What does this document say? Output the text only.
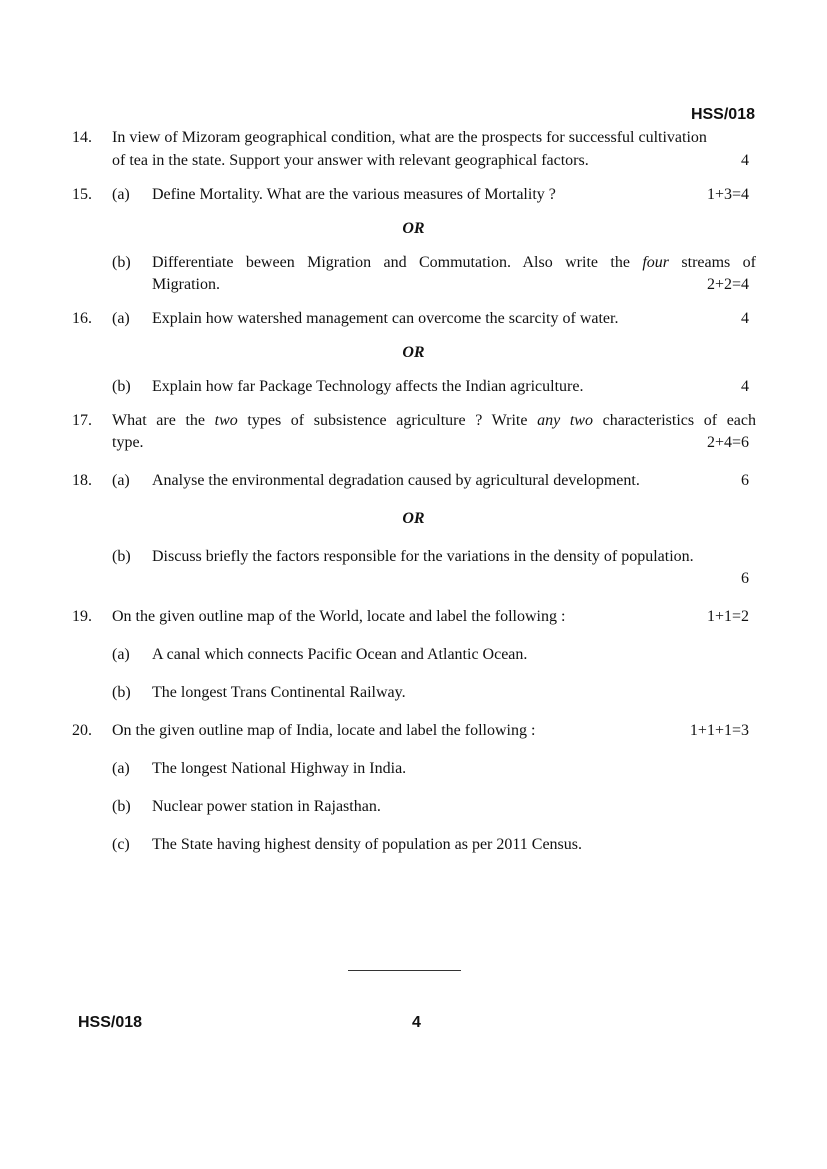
HSS/018
14.	In view of Mizoram geographical condition, what are the prospects for successful cultivation
of tea in the state. Support your answer with relevant geographical factors.	4
15.	(a)	Define Mortality. What are the various measures of Mortality ?	1+3=4
OR
(b)	Differentiate beween Migration and Commutation. Also write the four streams of
Migration.	2+2=4
16.	(a)	Explain how watershed management can overcome the scarcity of water.	4
OR
(b)	Explain how far Package Technology affects the Indian agriculture.	4
17.	What are the two types of subsistence agriculture ? Write any two characteristics of each
type.	2+4=6
18.	(a)	Analyse the environmental degradation caused by agricultural development.	6
OR
(b)	Discuss briefly the factors responsible for the variations in the density of population.
6
19.	On the given outline map of the World, locate and label the following :	1+1=2
(a)	A canal which connects Pacific Ocean and Atlantic Ocean.
(b)	The longest Trans Continental Railway.
20.	On the given outline map of India, locate and label the following :	1+1+1=3
(a)	The longest National Highway in India.
(b)	Nuclear power station in Rajasthan.
(c)	The State having highest density of population as per 2011 Census.
HSS/018	4
